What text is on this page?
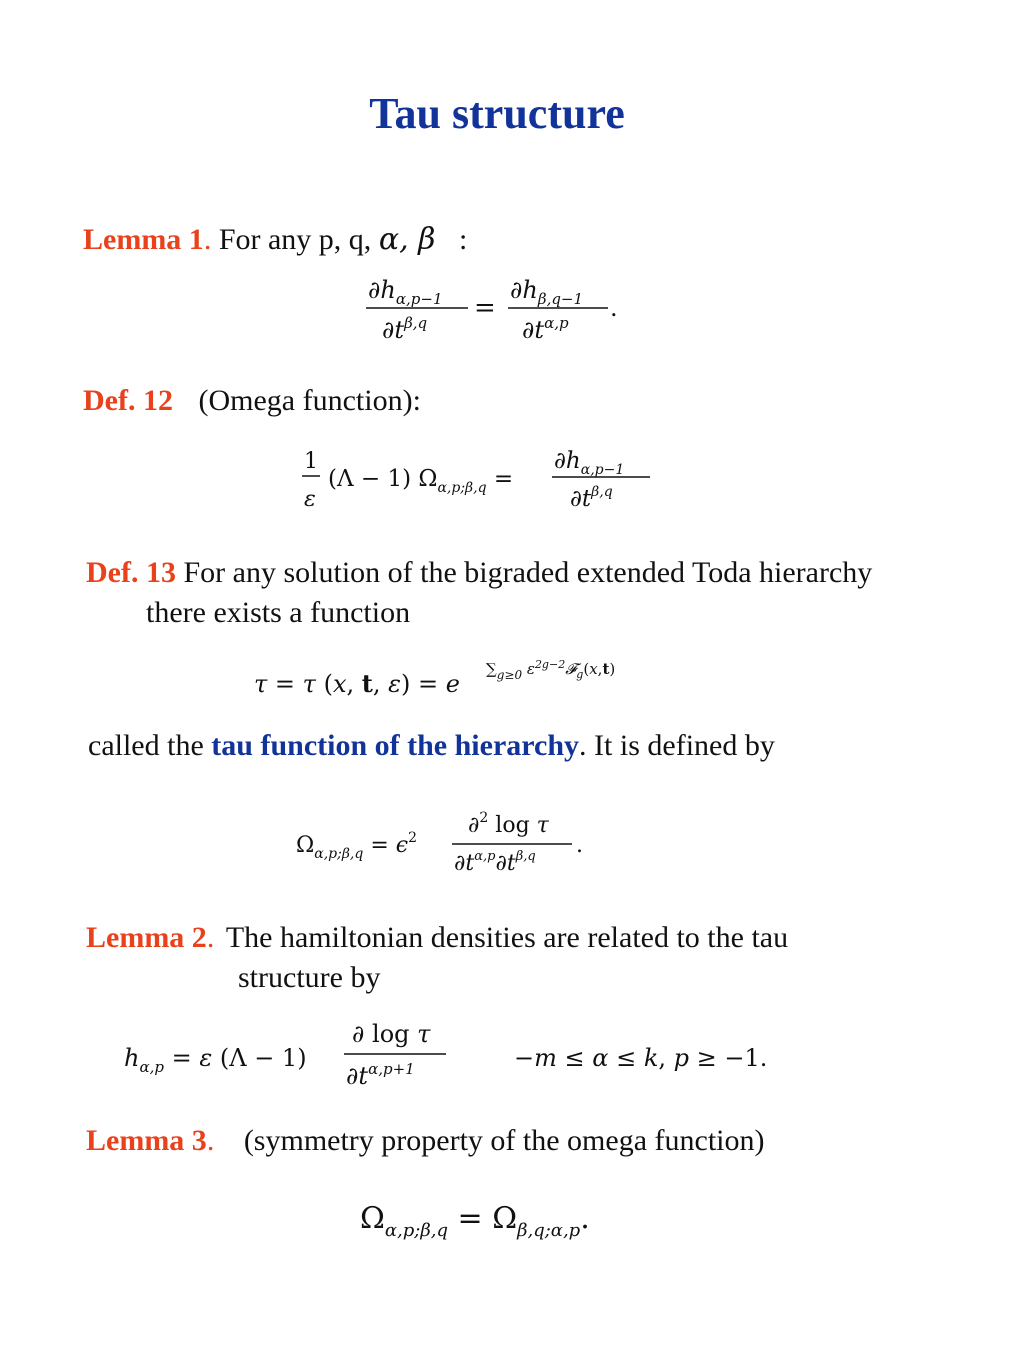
Tau structure
Lemma 1. For any p, q, α, β :
$\partial h_{\alpha,p-1}$
$\partial t^{\beta,q}$ =
$\partial h_{\beta,q-1}$
$\partial t^{\alpha,p}$
.
Def. 12 (Omega function):
1
ε
(Λ − 1) $\Omega_{\alpha,p;\beta,q}$ =
$\partial h_{\alpha,p-1}$
$\partial t^{\beta,q}$
Def. 13 For any solution of the bigraded extended Toda hierarchy
there exists a function
τ = τ (x, t, ε) = e
$\sum_{g\ge 0}$ $\varepsilon^{2g-2}𝓕_g(x,t)$
called the tau function of the hierarchy. It is defined by
$\Omega_{\alpha,p;\beta,q} = \epsilon^2$ ∂$^2$ log τ
$\partial t^{\alpha,p}\partial t^{\beta,q}$ .
Lemma 2. The hamiltonian densities are related to the tau
structure by
$h_{\alpha,p} = \varepsilon$ (Λ − 1)
∂ log τ
$\partial t^{\alpha,p+1}$	−m ≤ α ≤ k, p ≥ −1.
Lemma 3. (symmetry property of the omega function)
$\Omega_{\alpha,p;\beta,q} = \Omega_{\beta,q;\alpha,p}$.
